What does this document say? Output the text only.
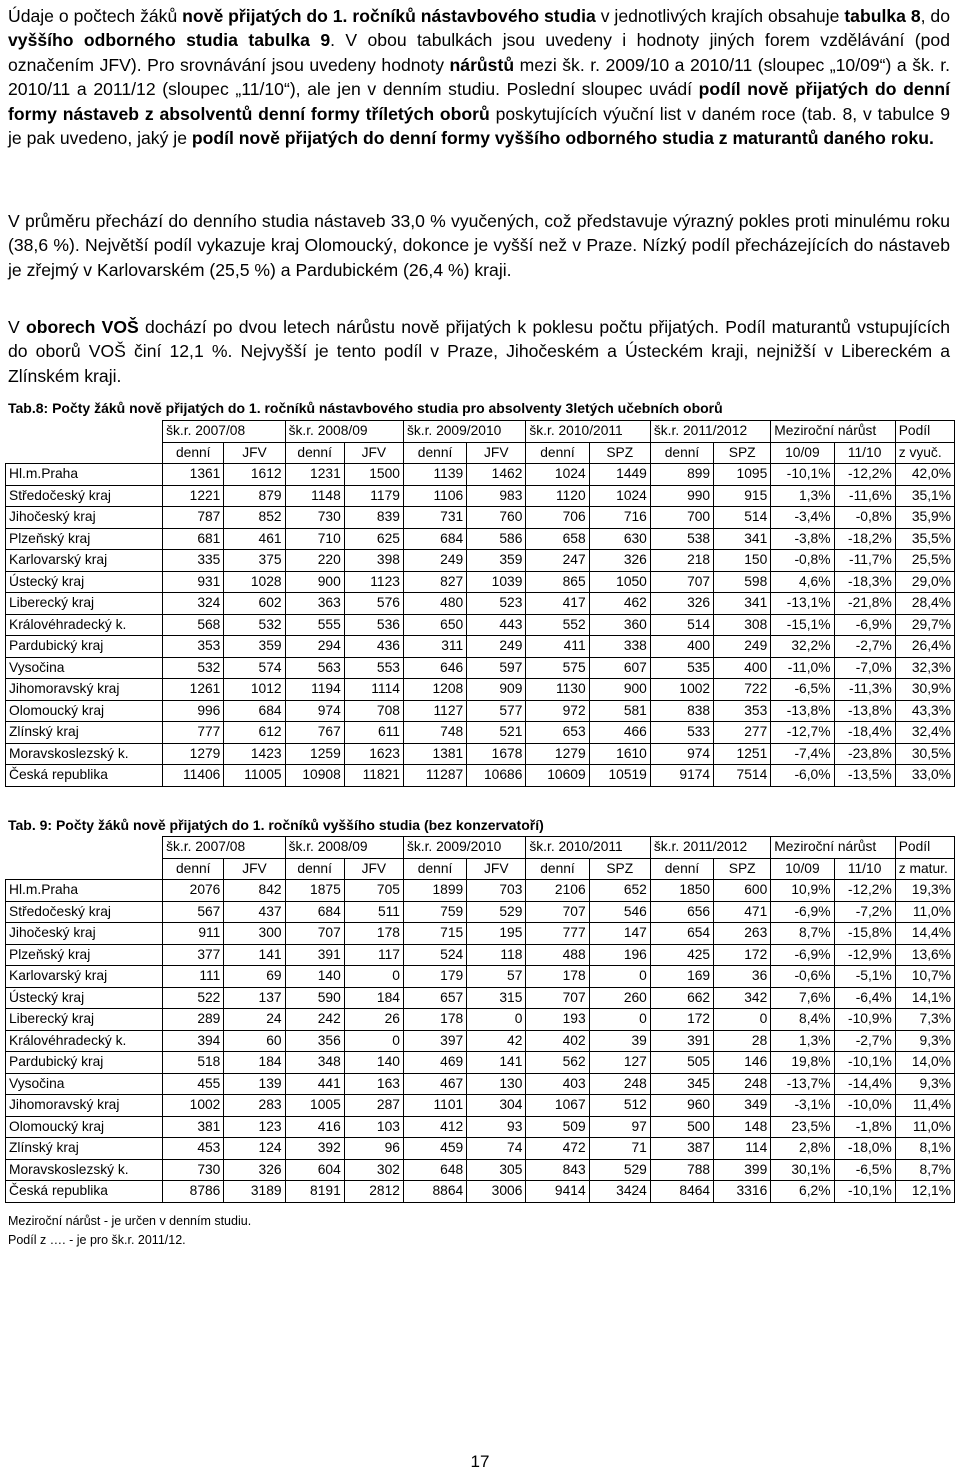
Údaje o počtech žáků nově přijatých do 1. ročníků nástavbového studia v jednotlivých krajích obsahuje tabulka 8, do vyššího odborného studia tabulka 9. V obou tabulkách jsou uvedeny i hodnoty jiných forem vzdělávání (pod označením JFV). Pro srovnávání jsou uvedeny hodnoty nárůstů mezi šk. r. 2009/10 a 2010/11 (sloupec „10/09“) a šk. r. 2010/11 a 2011/12 (sloupec „11/10“), ale jen v denním studiu. Poslední sloupec uvádí podíl nově přijatých do denní formy nástaveb z absolventů denní formy tříletých oborů poskytujících výuční list v daném roce (tab. 8, v tabulce 9 je pak uvedeno, jaký je podíl nově přijatých do denní formy vyššího odborného studia z maturantů daného roku.

V průměru přechází do denního studia nástaveb 33,0 % vyučených, což představuje výrazný pokles proti minulému roku (38,6 %). Největší podíl vykazuje kraj Olomoucký, dokonce je vyšší než v Praze. Nízký podíl přecházejících do nástaveb je zřejmý v Karlovarském (25,5 %) a Pardubickém (26,4 %) kraji.

V oborech VOŠ dochází po dvou letech nárůstu nově přijatých k poklesu počtu přijatých. Podíl maturantů vstupujících do oborů VOŠ činí 12,1 %. Nejvyšší je tento podíl v Praze, Jihočeském a Ústeckém kraji, nejnižší v Libereckém a Zlínském kraji.

Tab.8: Počty žáků nově přijatých do 1. ročníků nástavbového studia pro absolventy 3letých učebních oborů
	šk.r. 2007/08		šk.r. 2008/09		šk.r. 2009/2010		šk.r. 2010/2011		šk.r. 2011/2012		Meziroční nárůst		Podíl
	denní	JFV	denní	JFV	denní	JFV	denní	SPZ	denní	SPZ	10/09	11/10	z vyuč.
Hl.m.Praha	1361	1612	1231	1500	1139	1462	1024	1449	899	1095	-10,1%	-12,2%	42,0%
Středočeský kraj	1221	879	1148	1179	1106	983	1120	1024	990	915	1,3%	-11,6%	35,1%
Jihočeský kraj	787	852	730	839	731	760	706	716	700	514	-3,4%	-0,8%	35,9%
Plzeňský kraj	681	461	710	625	684	586	658	630	538	341	-3,8%	-18,2%	35,5%
Karlovarský kraj	335	375	220	398	249	359	247	326	218	150	-0,8%	-11,7%	25,5%
Ústecký kraj	931	1028	900	1123	827	1039	865	1050	707	598	4,6%	-18,3%	29,0%
Liberecký kraj	324	602	363	576	480	523	417	462	326	341	-13,1%	-21,8%	28,4%
Královéhradecký k.	568	532	555	536	650	443	552	360	514	308	-15,1%	-6,9%	29,7%
Pardubický kraj	353	359	294	436	311	249	411	338	400	249	32,2%	-2,7%	26,4%
Vysočina	532	574	563	553	646	597	575	607	535	400	-11,0%	-7,0%	32,3%
Jihomoravský kraj	1261	1012	1194	1114	1208	909	1130	900	1002	722	-6,5%	-11,3%	30,9%
Olomoucký kraj	996	684	974	708	1127	577	972	581	838	353	-13,8%	-13,8%	43,3%
Zlínský kraj	777	612	767	611	748	521	653	466	533	277	-12,7%	-18,4%	32,4%
Moravskoslezský k.	1279	1423	1259	1623	1381	1678	1279	1610	974	1251	-7,4%	-23,8%	30,5%
Česká republika	11406	11005	10908	11821	11287	10686	10609	10519	9174	7514	-6,0%	-13,5%	33,0%
Tab. 9: Počty žáků nově přijatých do 1. ročníků vyššího studia (bez konzervatoří)
	šk.r. 2007/08		šk.r. 2008/09		šk.r. 2009/2010		šk.r. 2010/2011		šk.r. 2011/2012		Meziroční nárůst		Podíl
	denní	JFV	denní	JFV	denní	JFV	denní	SPZ	denní	SPZ	10/09	11/10	z matur.
Hl.m.Praha	2076	842	1875	705	1899	703	2106	652	1850	600	10,9%	-12,2%	19,3%
Středočeský kraj	567	437	684	511	759	529	707	546	656	471	-6,9%	-7,2%	11,0%
Jihočeský kraj	911	300	707	178	715	195	777	147	654	263	8,7%	-15,8%	14,4%
Plzeňský kraj	377	141	391	117	524	118	488	196	425	172	-6,9%	-12,9%	13,6%
Karlovarský kraj	111	69	140	0	179	57	178	0	169	36	-0,6%	-5,1%	10,7%
Ústecký kraj	522	137	590	184	657	315	707	260	662	342	7,6%	-6,4%	14,1%
Liberecký kraj	289	24	242	26	178	0	193	0	172	0	8,4%	-10,9%	7,3%
Královéhradecký k.	394	60	356	0	397	42	402	39	391	28	1,3%	-2,7%	9,3%
Pardubický kraj	518	184	348	140	469	141	562	127	505	146	19,8%	-10,1%	14,0%
Vysočina	455	139	441	163	467	130	403	248	345	248	-13,7%	-14,4%	9,3%
Jihomoravský kraj	1002	283	1005	287	1101	304	1067	512	960	349	-3,1%	-10,0%	11,4%
Olomoucký kraj	381	123	416	103	412	93	509	97	500	148	23,5%	-1,8%	11,0%
Zlínský kraj	453	124	392	96	459	74	472	71	387	114	2,8%	-18,0%	8,1%
Moravskoslezský k.	730	326	604	302	648	305	843	529	788	399	30,1%	-6,5%	8,7%
Česká republika	8786	3189	8191	2812	8864	3006	9414	3424	8464	3316	6,2%	-10,1%	12,1%
Meziroční nárůst - je určen v denním studiu.
Podíl z …. - je pro šk.r. 2011/12.
17
